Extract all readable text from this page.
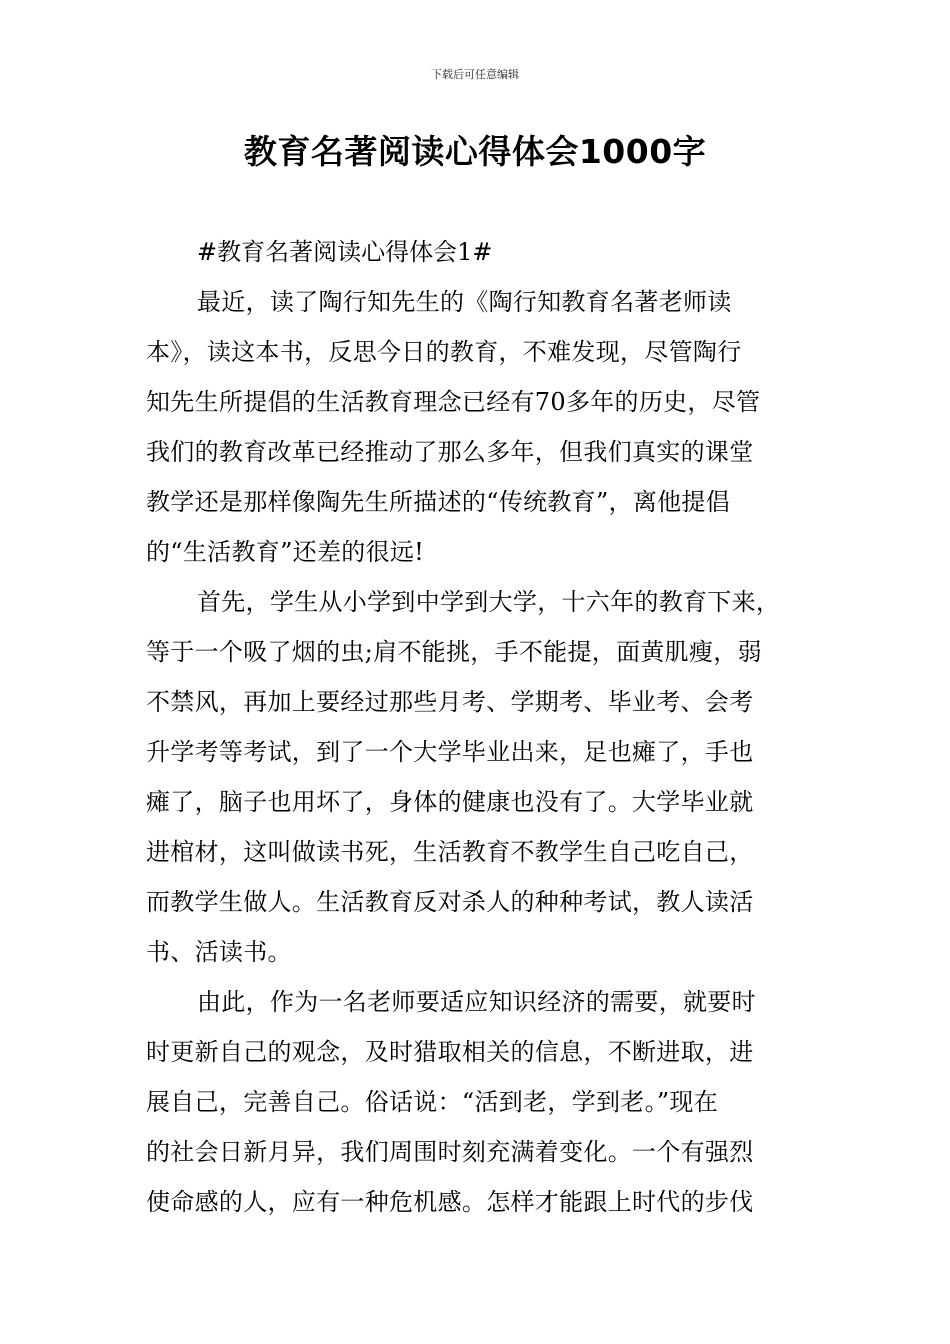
下载后可任意编辑
教育名著阅读心得体会1000字

#教育名著阅读心得体会1#

最近，读了陶行知先生的《陶行知教育名著老师读
本》，读这本书，反思今日的教育，不难发现，尽管陶行
知先生所提倡的生活教育理念已经有70多年的历史，尽管
我们的教育改革已经推动了那么多年，但我们真实的课堂
教学还是那样像陶先生所描述的“传统教育”，离他提倡
的“生活教育”还差的很远!
首先，学生从小学到中学到大学，十六年的教育下来，
等于一个吸了烟的虫;肩不能挑，手不能提，面黄肌瘦，弱
不禁风，再加上要经过那些月考、学期考、毕业考、会考
升学考等考试，到了一个大学毕业出来，足也瘫了，手也
瘫了，脑子也用坏了，身体的健康也没有了。大学毕业就
进棺材，这叫做读书死，生活教育不教学生自己吃自己，
而教学生做人。生活教育反对杀人的种种考试，教人读活
书、活读书。
由此，作为一名老师要适应知识经济的需要，就要时
时更新自己的观念，及时猎取相关的信息，不断进取，进
展自己，完善自己。俗话说：“活到老，学到老。”现在
的社会日新月异，我们周围时刻充满着变化。一个有强烈
使命感的人，应有一种危机感。怎样才能跟上时代的步伐
